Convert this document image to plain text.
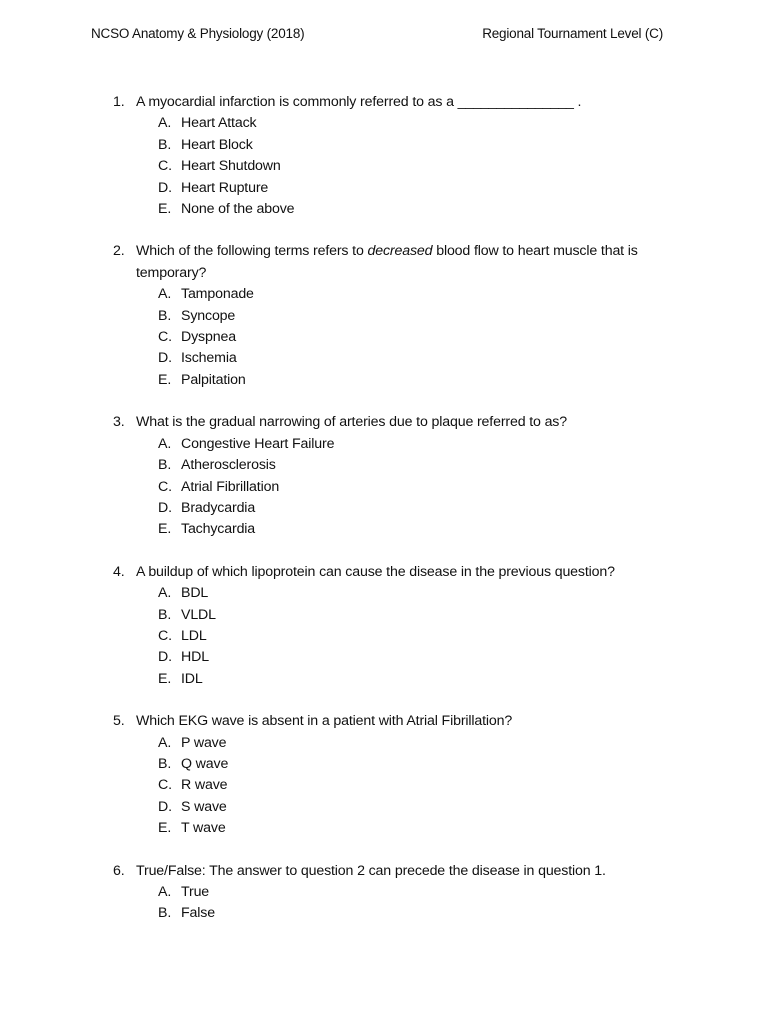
NCSO Anatomy & Physiology (2018)	Regional Tournament Level (C)
1. A myocardial infarction is commonly referred to as a _______________ .
A. Heart Attack
B. Heart Block
C. Heart Shutdown
D. Heart Rupture
E. None of the above
2. Which of the following terms refers to decreased blood flow to heart muscle that is temporary?
A. Tamponade
B. Syncope
C. Dyspnea
D. Ischemia
E. Palpitation
3. What is the gradual narrowing of arteries due to plaque referred to as?
A. Congestive Heart Failure
B. Atherosclerosis
C. Atrial Fibrillation
D. Bradycardia
E. Tachycardia
4. A buildup of which lipoprotein can cause the disease in the previous question?
A. BDL
B. VLDL
C. LDL
D. HDL
E. IDL
5. Which EKG wave is absent in a patient with Atrial Fibrillation?
A. P wave
B. Q wave
C. R wave
D. S wave
E. T wave
6. True/False: The answer to question 2 can precede the disease in question 1.
A. True
B. False
